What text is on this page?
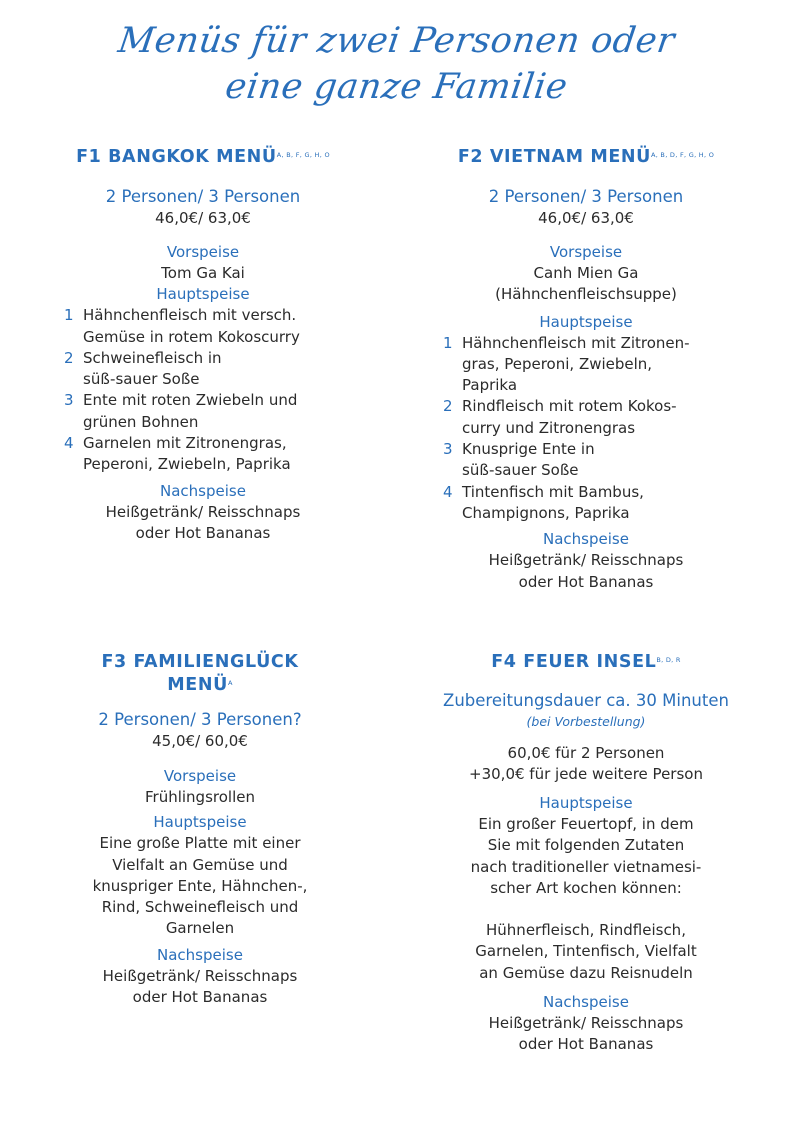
Menüs für zwei Personen oder
eine ganze Familie
F1 BANGKOK $MENÜ^{A, B, F, G, H, O}$
2 Personen/ 3 Personen
46,0€/ 63,0€
Vorspeise
Tom Ga Kai
Hauptspeise
1 Hähnchenfleisch mit versch.
Gemüse in rotem Kokoscurry
2 Schweinefleisch in
süß-sauer Soße
3 Ente mit roten Zwiebeln und
grünen Bohnen
4 Garnelen mit Zitronengras,
Peperoni, Zwiebeln, Paprika
Nachspeise
Heißgetränk/ Reisschnaps
oder Hot Bananas
F2 VIETNAM $MENÜ^{A, B, D, F, G, H, O}$
2 Personen/ 3 Personen
46,0€/ 63,0€
Vorspeise
Canh Mien Ga
(Hähnchenfleischsuppe)
Hauptspeise
1 Hähnchenfleisch mit Zitronen-
gras, Peperoni, Zwiebeln,
Paprika
2 Rindfleisch mit rotem Kokos-
curry und Zitronengras
3 Knusprige Ente in
süß-sauer Soße
4 Tintenfisch mit Bambus,
Champignons, Paprika
Nachspeise
Heißgetränk/ Reisschnaps
oder Hot Bananas
F3 FAMILIENGLÜCK
$MENÜ^A$
2 Personen/ 3 Personen?
45,0€/ 60,0€
Vorspeise
Frühlingsrollen
Hauptspeise
Eine große Platte mit einer
Vielfalt an Gemüse und
knuspriger Ente, Hähnchen-,
Rind, Schweinefleisch und
Garnelen
Nachspeise
Heißgetränk/ Reisschnaps
oder Hot Bananas
F4 FEUER $INSEL^{B, D, R}$
Zubereitungsdauer ca. 30 Minuten
(bei Vorbestellung)
60,0€ für 2 Personen
+30,0€ für jede weitere Person
Hauptspeise
Ein großer Feuertopf, in dem
Sie mit folgenden Zutaten
nach traditioneller vietnamesi-
scher Art kochen können:
Hühnerfleisch, Rindfleisch,
Garnelen, Tintenfisch, Vielfalt
an Gemüse dazu Reisnudeln
Nachspeise
Heißgetränk/ Reisschnaps
oder Hot Bananas
